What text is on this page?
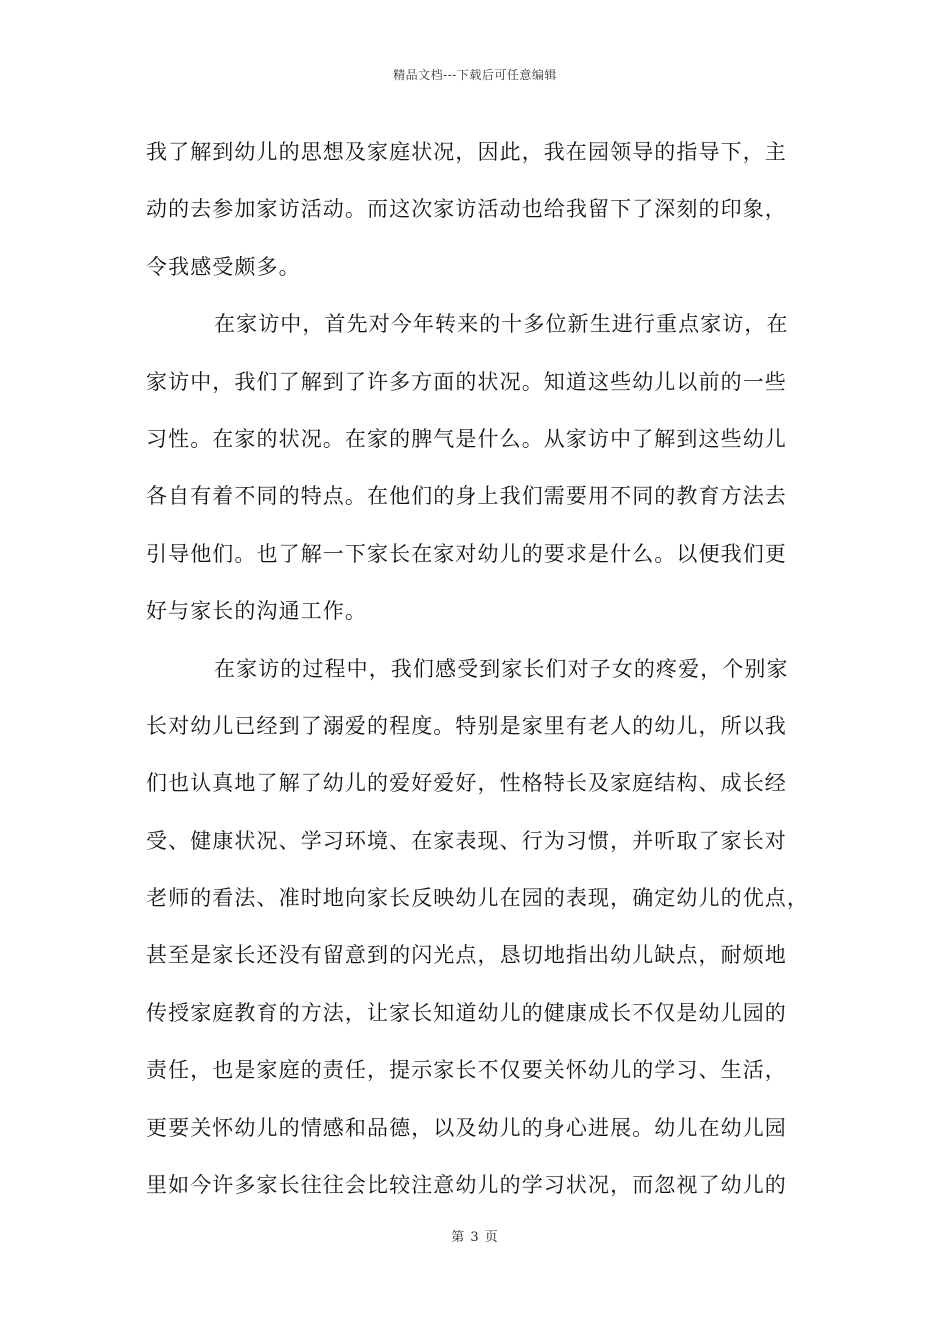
精品文档---下载后可任意编辑
我了解到幼儿的思想及家庭状况，因此，我在园领导的指导下，主
动的去参加家访活动。而这次家访活动也给我留下了深刻的印象，
令我感受颇多。
在家访中，首先对今年转来的十多位新生进行重点家访，在
家访中，我们了解到了许多方面的状况。知道这些幼儿以前的一些
习性。在家的状况。在家的脾气是什么。从家访中了解到这些幼儿
各自有着不同的特点。在他们的身上我们需要用不同的教育方法去
引导他们。也了解一下家长在家对幼儿的要求是什么。以便我们更
好与家长的沟通工作。
在家访的过程中，我们感受到家长们对子女的疼爱，个别家
长对幼儿已经到了溺爱的程度。特别是家里有老人的幼儿，所以我
们也认真地了解了幼儿的爱好爱好，性格特长及家庭结构、成长经
受、健康状况、学习环境、在家表现、行为习惯，并听取了家长对
老师的看法、准时地向家长反映幼儿在园的表现，确定幼儿的优点，
甚至是家长还没有留意到的闪光点，恳切地指出幼儿缺点，耐烦地
传授家庭教育的方法，让家长知道幼儿的健康成长不仅是幼儿园的
责任，也是家庭的责任，提示家长不仅要关怀幼儿的学习、生活，
更要关怀幼儿的情感和品德，以及幼儿的身心进展。幼儿在幼儿园
里如今许多家长往往会比较注意幼儿的学习状况，而忽视了幼儿的
第 3 页
